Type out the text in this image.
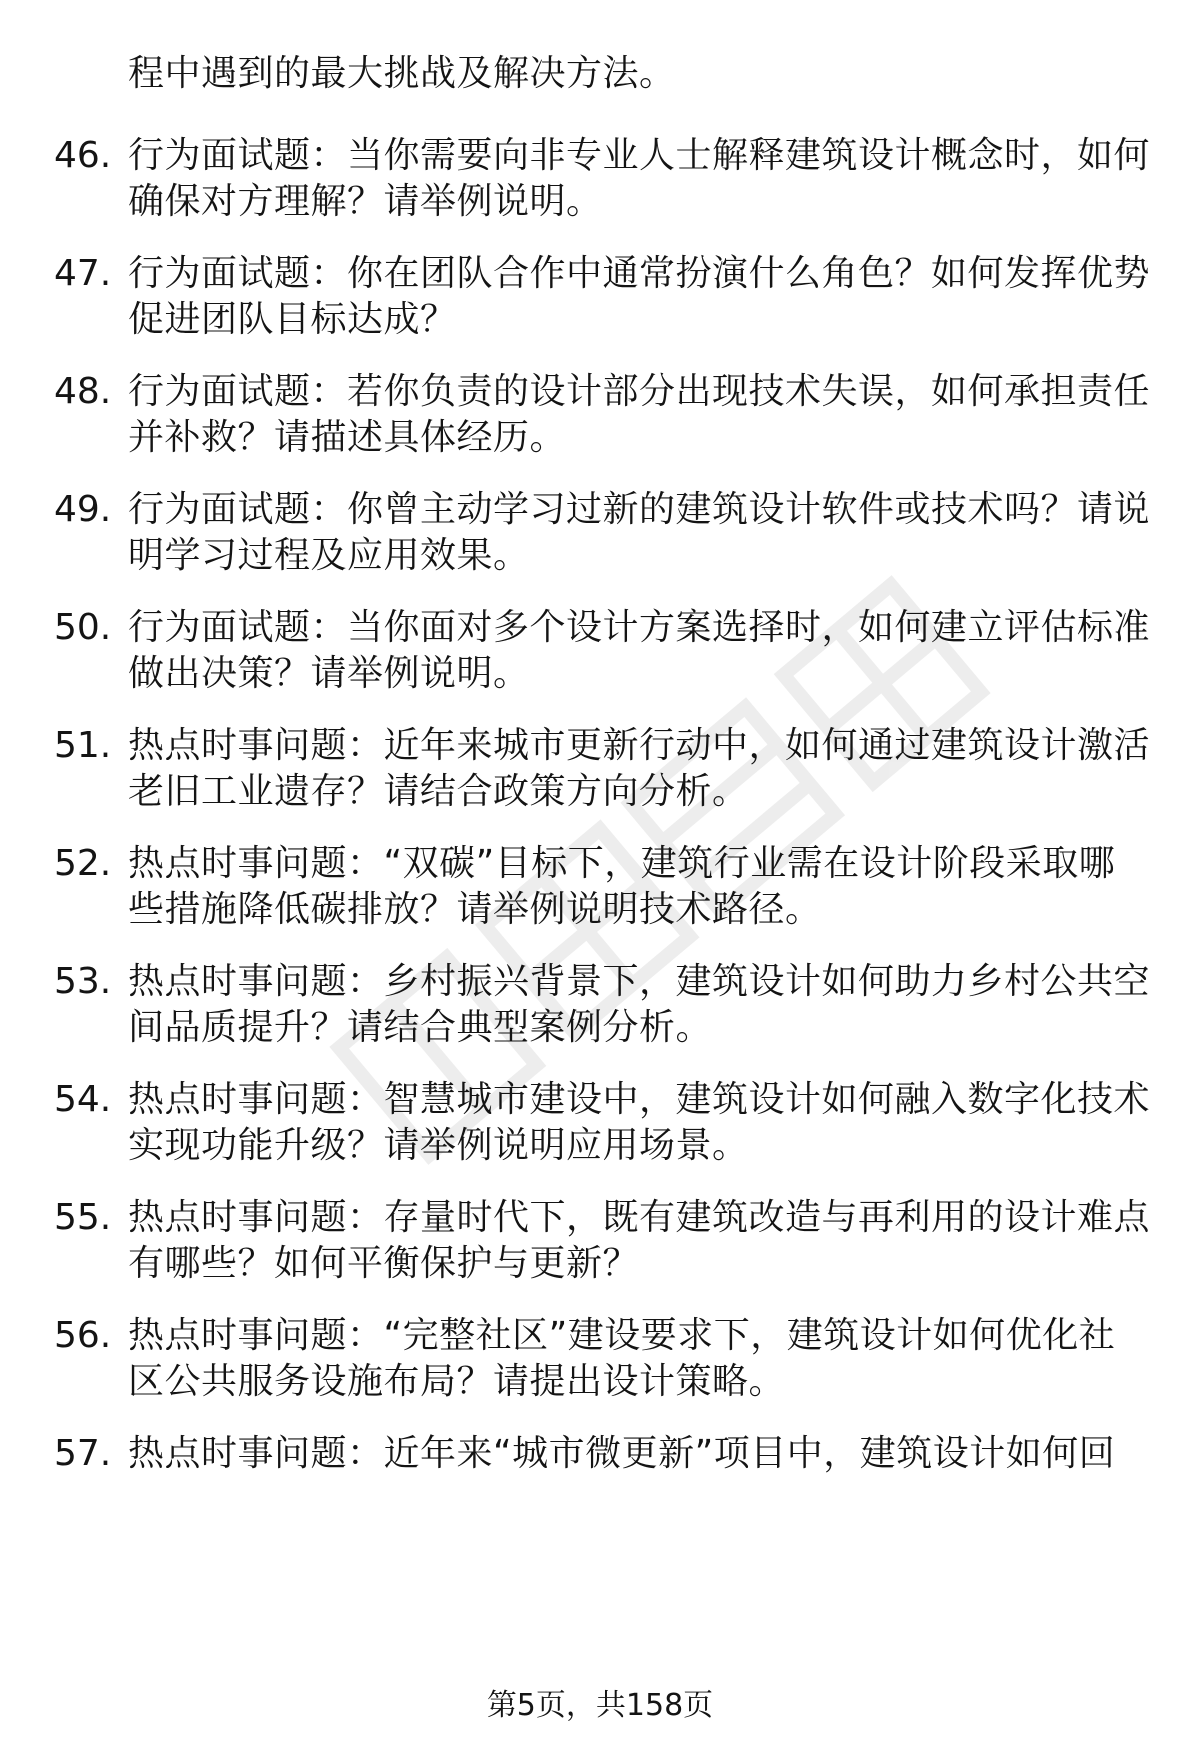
程中遇到的最大挑战及解决方法。
46. 行为面试题：当你需要向非专业人士解释建筑设计概念时，如何
确保对方理解？请举例说明。
47. 行为面试题：你在团队合作中通常扮演什么角色？如何发挥优势
促进团队目标达成？
48. 行为面试题：若你负责的设计部分出现技术失误，如何承担责任
并补救？请描述具体经历。
49. 行为面试题：你曾主动学习过新的建筑设计软件或技术吗？请说
明学习过程及应用效果。
50. 行为面试题：当你面对多个设计方案选择时，如何建立评估标准
做出决策？请举例说明。
51. 热点时事问题：近年来城市更新行动中，如何通过建筑设计激活
老旧工业遗存？请结合政策方向分析。
52. 热点时事问题：“双碳”目标下，建筑行业需在设计阶段采取哪
些措施降低碳排放？请举例说明技术路径。
53. 热点时事问题：乡村振兴背景下，建筑设计如何助力乡村公共空
间品质提升？请结合典型案例分析。
54. 热点时事问题：智慧城市建设中，建筑设计如何融入数字化技术
实现功能升级？请举例说明应用场景。
55. 热点时事问题：存量时代下，既有建筑改造与再利用的设计难点
有哪些？如何平衡保护与更新？
56. 热点时事问题：“完整社区”建设要求下，建筑设计如何优化社
区公共服务设施布局？请提出设计策略。
57. 热点时事问题：近年来“城市微更新”项目中，建筑设计如何回
第5页，共158页
